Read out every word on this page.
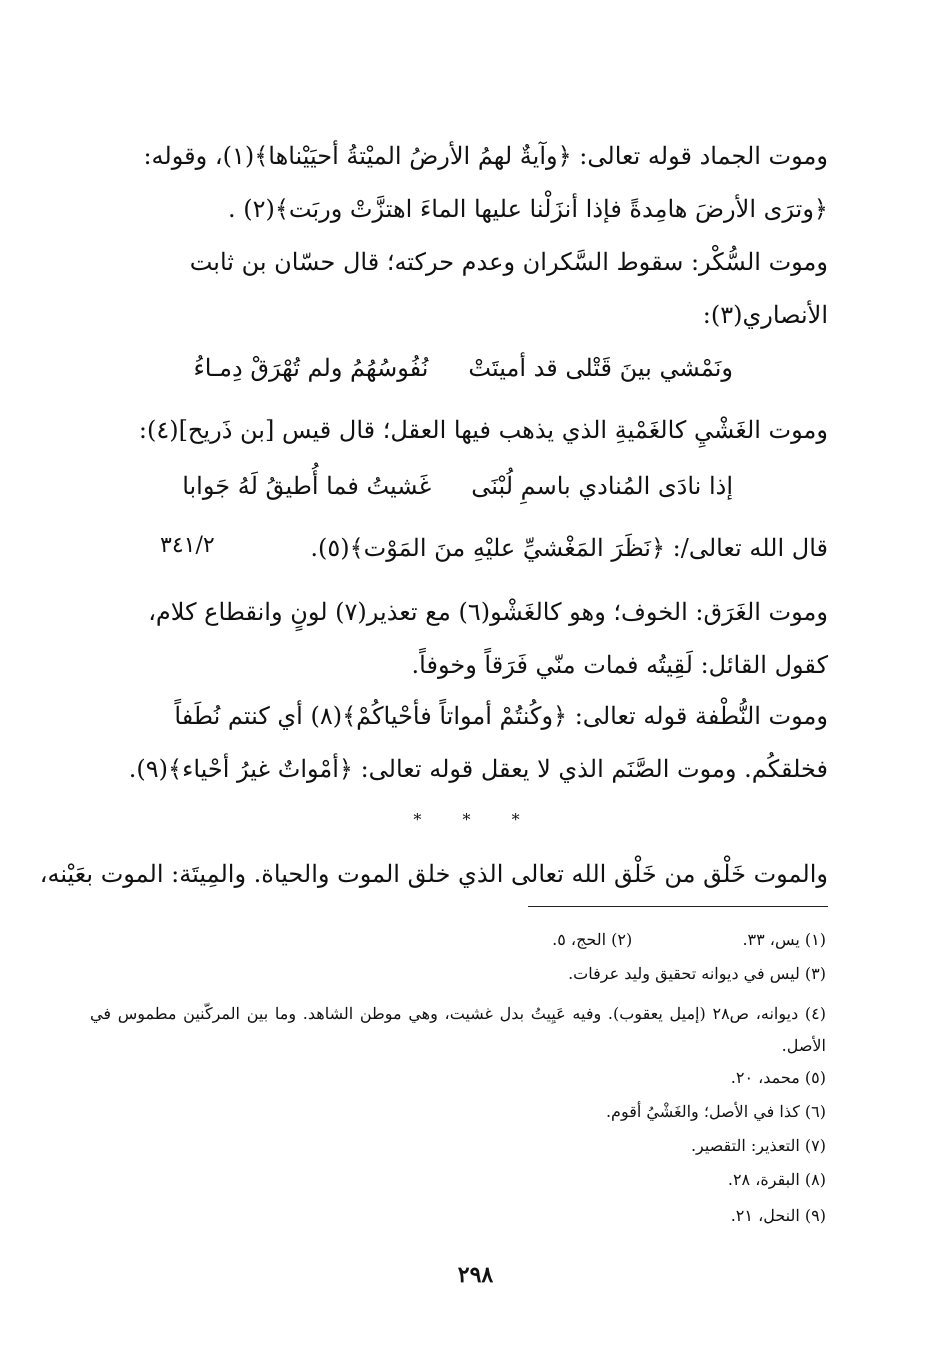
وموت الجماد قوله تعالى: ﴿وآيةٌ لهمُ الأرضُ الميْتةُ أحيَيْناها﴾(١)، وقوله:
﴿وترَى الأرضَ هامِدةً فإذا أنزَلْنا عليها الماءَ اهتزَّتْ وربَت﴾(٢) .
وموت السُّكْر: سقوط السَّكران وعدم حركته؛ قال حسّان بن ثابت
الأنصاري(٣):
ونَمْشي بينَ قَتْلى قد أميتَتْنُفُوسُهُمُ ولم تُهْرَقْ دِمـاءُ
وموت الغَشْيِ كالغَمْيةِ الذي يذهب فيها العقل؛ قال قيس [بن ذَريح](٤):
إذا نادَى المُنادي باسمِ لُبْنَىغَشيتُ فما أُطيقُ لَهُ جَوابا
قال الله تعالى/: ﴿نَظَرَ المَغْشيِّ عليْهِ منَ المَوْت﴾(٥).
٣٤١/٢
وموت الغَرَق: الخوف؛ وهو كالغَشْو(٦) مع تعذير(٧) لونٍ وانقطاع كلام،
كقول القائل: لَقِيتُه فمات منّي فَرَقاً وخوفاً.
وموت النُّطْفة قوله تعالى: ﴿وكُنتُمْ أمواتاً فأحْياكُمْ﴾(٨) أي كنتم نُطَفاً
فخلقكُم. وموت الصَّنَم الذي لا يعقل قوله تعالى: ﴿أمْواتٌ غيرُ أحْياء﴾(٩).
* * *
والموت خَلْق من خَلْق الله تعالى الذي خلق الموت والحياة. والمِيتَة: الموت بعَيْنه،
(١) يس، ٣٣.  (٢) الحج، ٥.
(٣) ليس في ديوانه تحقيق وليد عرفات.
(٤) ديوانه، ص٢٨ (إميل يعقوب). وفيه عَيِيتُ بدل غشيت، وهي موطن الشاهد. وما بين المركّنين مطموس في الأصل.
(٥) محمد، ٢٠.
(٦) كذا في الأصل؛ والغَشْيُ أقوم.
(٧) التعذير: التقصير.
(٨) البقرة، ٢٨.
(٩) النحل، ٢١.
٢٩٨
